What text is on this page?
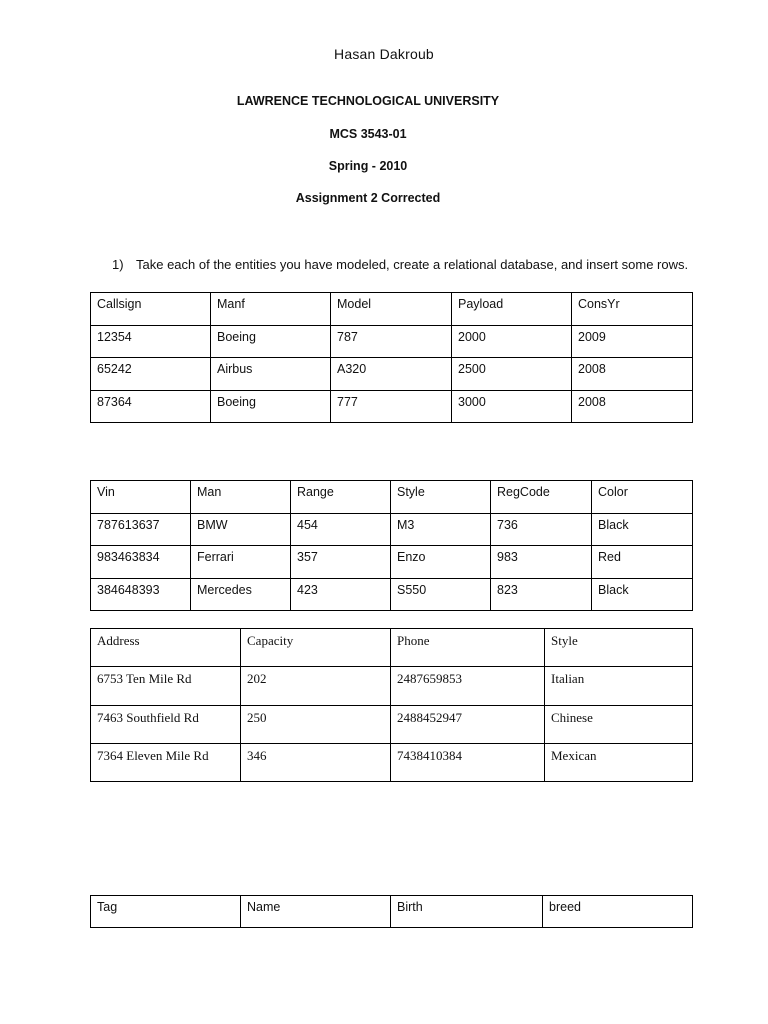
Hasan Dakroub
LAWRENCE TECHNOLOGICAL UNIVERSITY
MCS 3543-01
Spring - 2010
Assignment 2 Corrected
1) Take each of the entities you have modeled, create a relational database, and insert some rows.
Callsign	Manf	Model	Payload	ConsYr
12354	Boeing	787	2000	2009
65242	Airbus	A320	2500	2008
87364	Boeing	777	3000	2008
Vin	Man	Range	Style	RegCode	Color
787613637	BMW	454	M3	736	Black
983463834	Ferrari	357	Enzo	983	Red
384648393	Mercedes	423	S550	823	Black
Address	Capacity	Phone	Style
6753 Ten Mile Rd	202	2487659853	Italian
7463 Southfield Rd	250	2488452947	Chinese
7364 Eleven Mile Rd	346	7438410384	Mexican
Tag	Name	Birth	breed
